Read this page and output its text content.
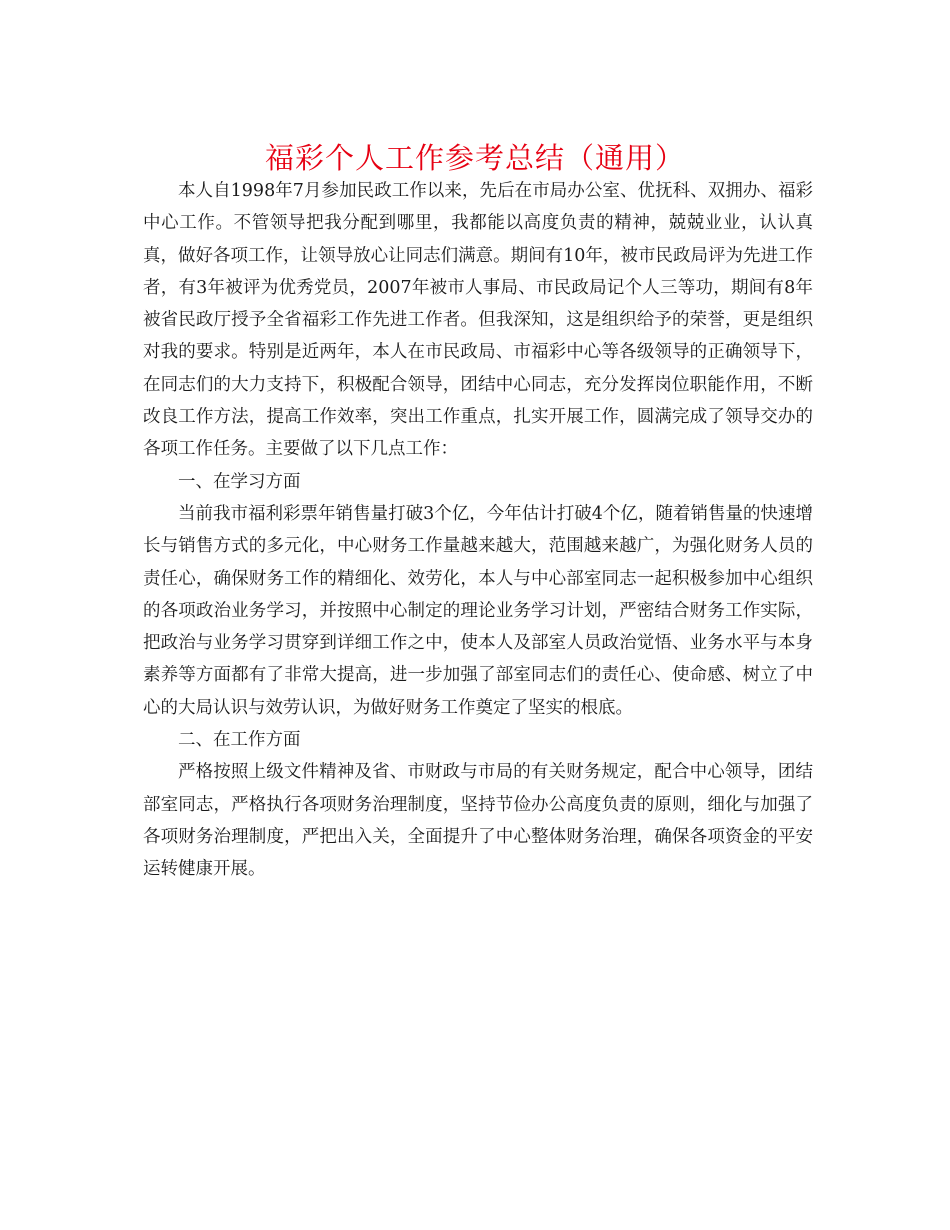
福彩个人工作参考总结（通用）

本人自1998年7月参加民政工作以来，先后在市局办公室、优抚科、双拥办、福彩中心工作。不管领导把我分配到哪里，我都能以高度负责的精神，兢兢业业，认认真真，做好各项工作，让领导放心让同志们满意。期间有10年，被市民政局评为先进工作者，有3年被评为优秀党员，2007年被市人事局、市民政局记个人三等功，期间有8年被省民政厅授予全省福彩工作先进工作者。但我深知，这是组织给予的荣誉，更是组织对我的要求。特别是近两年，本人在市民政局、市福彩中心等各级领导的正确领导下，在同志们的大力支持下，积极配合领导，团结中心同志，充分发挥岗位职能作用，不断改良工作方法，提高工作效率，突出工作重点，扎实开展工作，圆满完成了领导交办的各项工作任务。主要做了以下几点工作：

一、在学习方面

当前我市福利彩票年销售量打破3个亿，今年估计打破4个亿，随着销售量的快速增长与销售方式的多元化，中心财务工作量越来越大，范围越来越广，为强化财务人员的责任心，确保财务工作的精细化、效劳化，本人与中心部室同志一起积极参加中心组织的各项政治业务学习，并按照中心制定的理论业务学习计划，严密结合财务工作实际，把政治与业务学习贯穿到详细工作之中，使本人及部室人员政治觉悟、业务水平与本身素养等方面都有了非常大提高，进一步加强了部室同志们的责任心、使命感、树立了中心的大局认识与效劳认识，为做好财务工作奠定了坚实的根底。

二、在工作方面

严格按照上级文件精神及省、市财政与市局的有关财务规定，配合中心领导，团结部室同志，严格执行各项财务治理制度，坚持节俭办公高度负责的原则，细化与加强了各项财务治理制度，严把出入关，全面提升了中心整体财务治理，确保各项资金的平安运转健康开展。
